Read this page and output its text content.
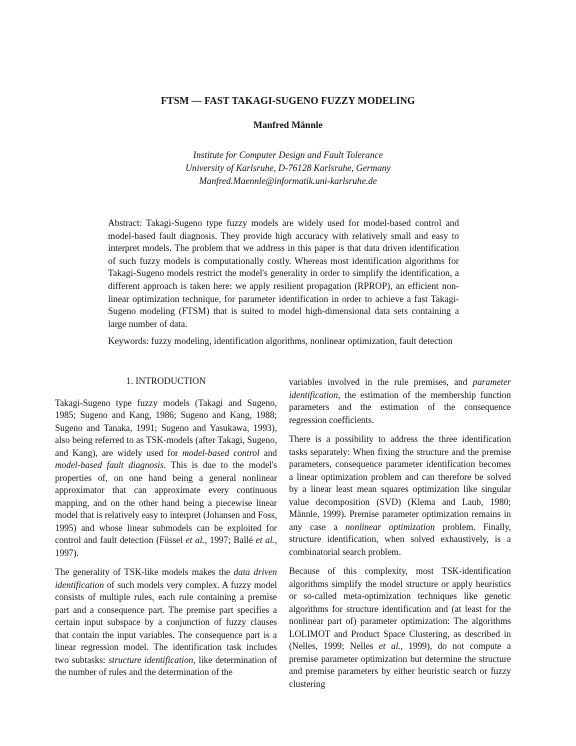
FTSM — FAST TAKAGI-SUGENO FUZZY MODELING
Manfred Männle
Institute for Computer Design and Fault Tolerance
University of Karlsruhe, D-76128 Karlsruhe, Germany
Manfred.Maennle@informatik.uni-karlsruhe.de
Abstract: Takagi-Sugeno type fuzzy models are widely used for model-based control and model-based fault diagnosis. They provide high accuracy with relatively small and easy to interpret models. The problem that we address in this paper is that data driven identification of such fuzzy models is computationally costly. Whereas most identification algorithms for Takagi-Sugeno models restrict the model's generality in order to simplify the identification, a different approach is taken here: we apply resilient propagation (RPROP), an efficient non-linear optimization technique, for parameter identification in order to achieve a fast Takagi-Sugeno modeling (FTSM) that is suited to model high-dimensional data sets containing a large number of data.
Keywords: fuzzy modeling, identification algorithms, nonlinear optimization, fault detection
1. INTRODUCTION

Takagi-Sugeno type fuzzy models (Takagi and Sugeno, 1985; Sugeno and Kang, 1986; Sugeno and Kang, 1988; Sugeno and Tanaka, 1991; Sugeno and Yasukawa, 1993), also being referred to as TSK-models (after Takagi, Sugeno, and Kang), are widely used for model-based control and model-based fault diagnosis. This is due to the model's properties of, on one hand being a general nonlinear approximator that can approximate every continuous mapping, and on the other hand being a piecewise linear model that is relatively easy to interpret (Johansen and Foss, 1995) and whose linear submodels can be exploited for control and fault detection (Füssel et al., 1997; Ballé et al., 1997).

The generality of TSK-like models makes the data driven identification of such models very complex. A fuzzy model consists of multiple rules, each rule containing a premise part and a consequence part. The premise part specifies a certain input subspace by a conjunction of fuzzy clauses that contain the input variables. The consequence part is a linear regression model. The identification task includes two subtasks: structure identification, like determination of the number of rules and the determination of the

variables involved in the rule premises, and parameter identification, the estimation of the membership function parameters and the estimation of the consequence regression coefficients.

There is a possibility to address the three identification tasks separately: When fixing the structure and the premise parameters, consequence parameter identification becomes a linear optimization problem and can therefore be solved by a linear least mean squares optimization like singular value decomposition (SVD) (Klema and Laub, 1980; Männle, 1999). Premise parameter optimization remains in any case a nonlinear optimization problem. Finally, structure identification, when solved exhaustively, is a combinatorial search problem.

Because of this complexity, most TSK-identification algorithms simplify the model structure or apply heuristics or so-called meta-optimization techniques like genetic algorithms for structure identification and (at least for the nonlinear part of) parameter optimization: The algorithms LOLIMOT and Product Space Clustering, as described in (Nelles, 1999; Nelles et al., 1999), do not compute a premise parameter optimization but determine the structure and premise parameters by either heuristic search or fuzzy clustering
